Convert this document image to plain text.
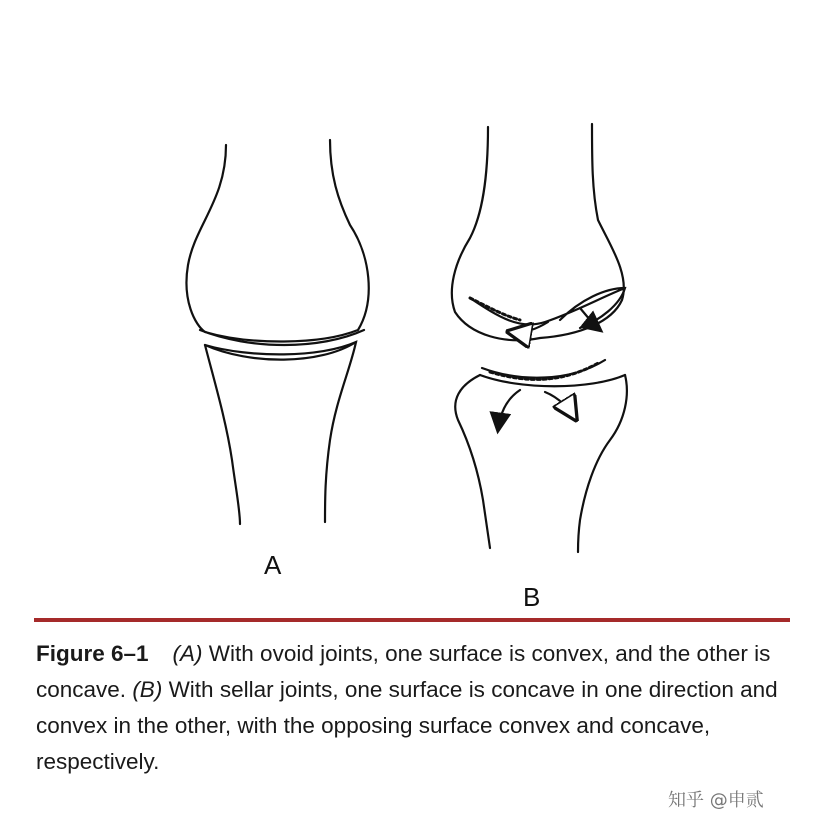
A
B
Figure 6–1 (A) With ovoid joints, one surface is convex, and the other is concave. (B) With sellar joints, one surface is concave in one direction and convex in the other, with the opposing surface convex and concave, respectively.
知乎 @申贰
